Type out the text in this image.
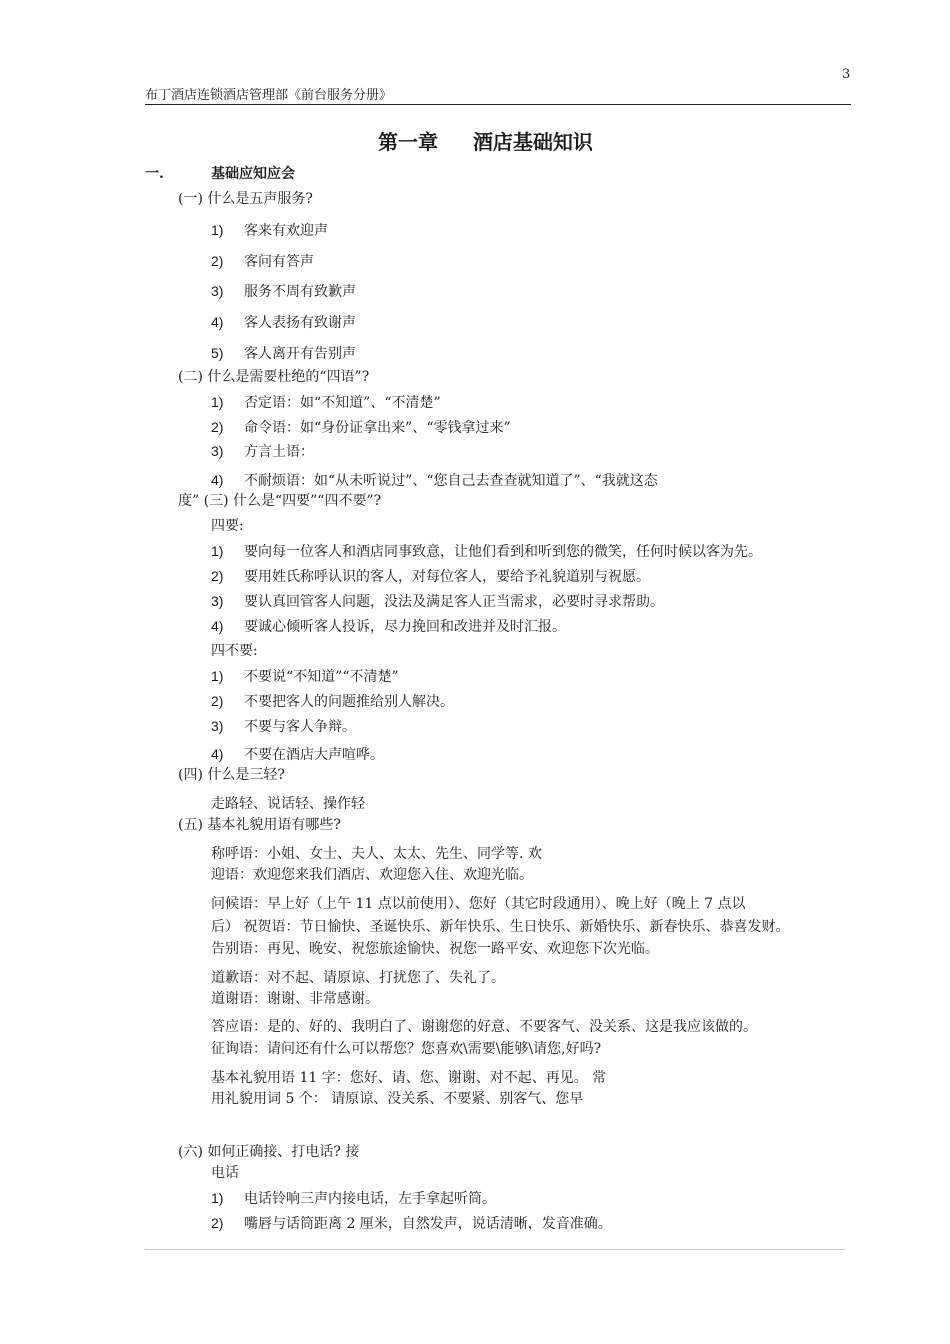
3
布丁酒店连锁酒店管理部《前台服务分册》
第一章     酒店基础知识
一.	基础应知应会
(一) 什么是五声服务?
1) 客来有欢迎声
2) 客问有答声
3) 服务不周有致歉声
4) 客人表扬有致谢声
5) 客人离开有告别声
(二) 什么是需要杜绝的“四语”?
1) 否定语：如“不知道”、“不清楚”
2) 命令语：如“身份证拿出来”、“零钱拿过来”
3) 方言土语：
4) 不耐烦语：如“从未听说过”、“您自己去查查就知道了”、“我就这态
度” (三) 什么是“四要”“四不要”?
四要:
1) 要向每一位客人和酒店同事致意，让他们看到和听到您的微笑，任何时候以客为先。
2) 要用姓氏称呼认识的客人，对每位客人，要给予礼貌道别与祝愿。
3) 要认真回管客人问题，没法及满足客人正当需求，必要时寻求帮助。
4) 要诚心倾听客人投诉，尽力挽回和改进并及时汇报。
四不要:
1) 不要说“不知道”“不清楚”
2) 不要把客人的问题推给别人解决。
3) 不要与客人争辩。
4) 不要在酒店大声喧哗。
(四) 什么是三轻?
走路轻、说话轻、操作轻
(五) 基本礼貌用语有哪些?
称呼语：小姐、女士、夫人、太太、先生、同学等. 欢
迎语：欢迎您来我们酒店、欢迎您入住、欢迎光临。
问候语：早上好（上午 11 点以前使用）、您好（其它时段通用）、晚上好（晚上 7 点以
后） 祝贺语：节日愉快、圣诞快乐、新年快乐、生日快乐、新婚快乐、新春快乐、恭喜发财。
告别语：再见、晚安、祝您旅途愉快、祝您一路平安、欢迎您下次光临。
道歉语：对不起、请原谅、打扰您了、失礼了。
道谢语：谢谢、非常感谢。
答应语：是的、好的、我明白了、谢谢您的好意、不要客气、没关系、这是我应该做的。
征询语：请问还有什么可以帮您？您喜欢\需要\能够\请您,好吗?
基本礼貌用语 11 字：您好、请、您、谢谢、对不起、再见。 常
用礼貌用词 5 个： 请原谅、没关系、不要紧、别客气、您早
(六) 如何正确接、打电话? 接
电话
1) 电话铃响三声内接电话，左手拿起听筒。
2) 嘴唇与话筒距离 2 厘米，自然发声，说话清晰，发音准确。
